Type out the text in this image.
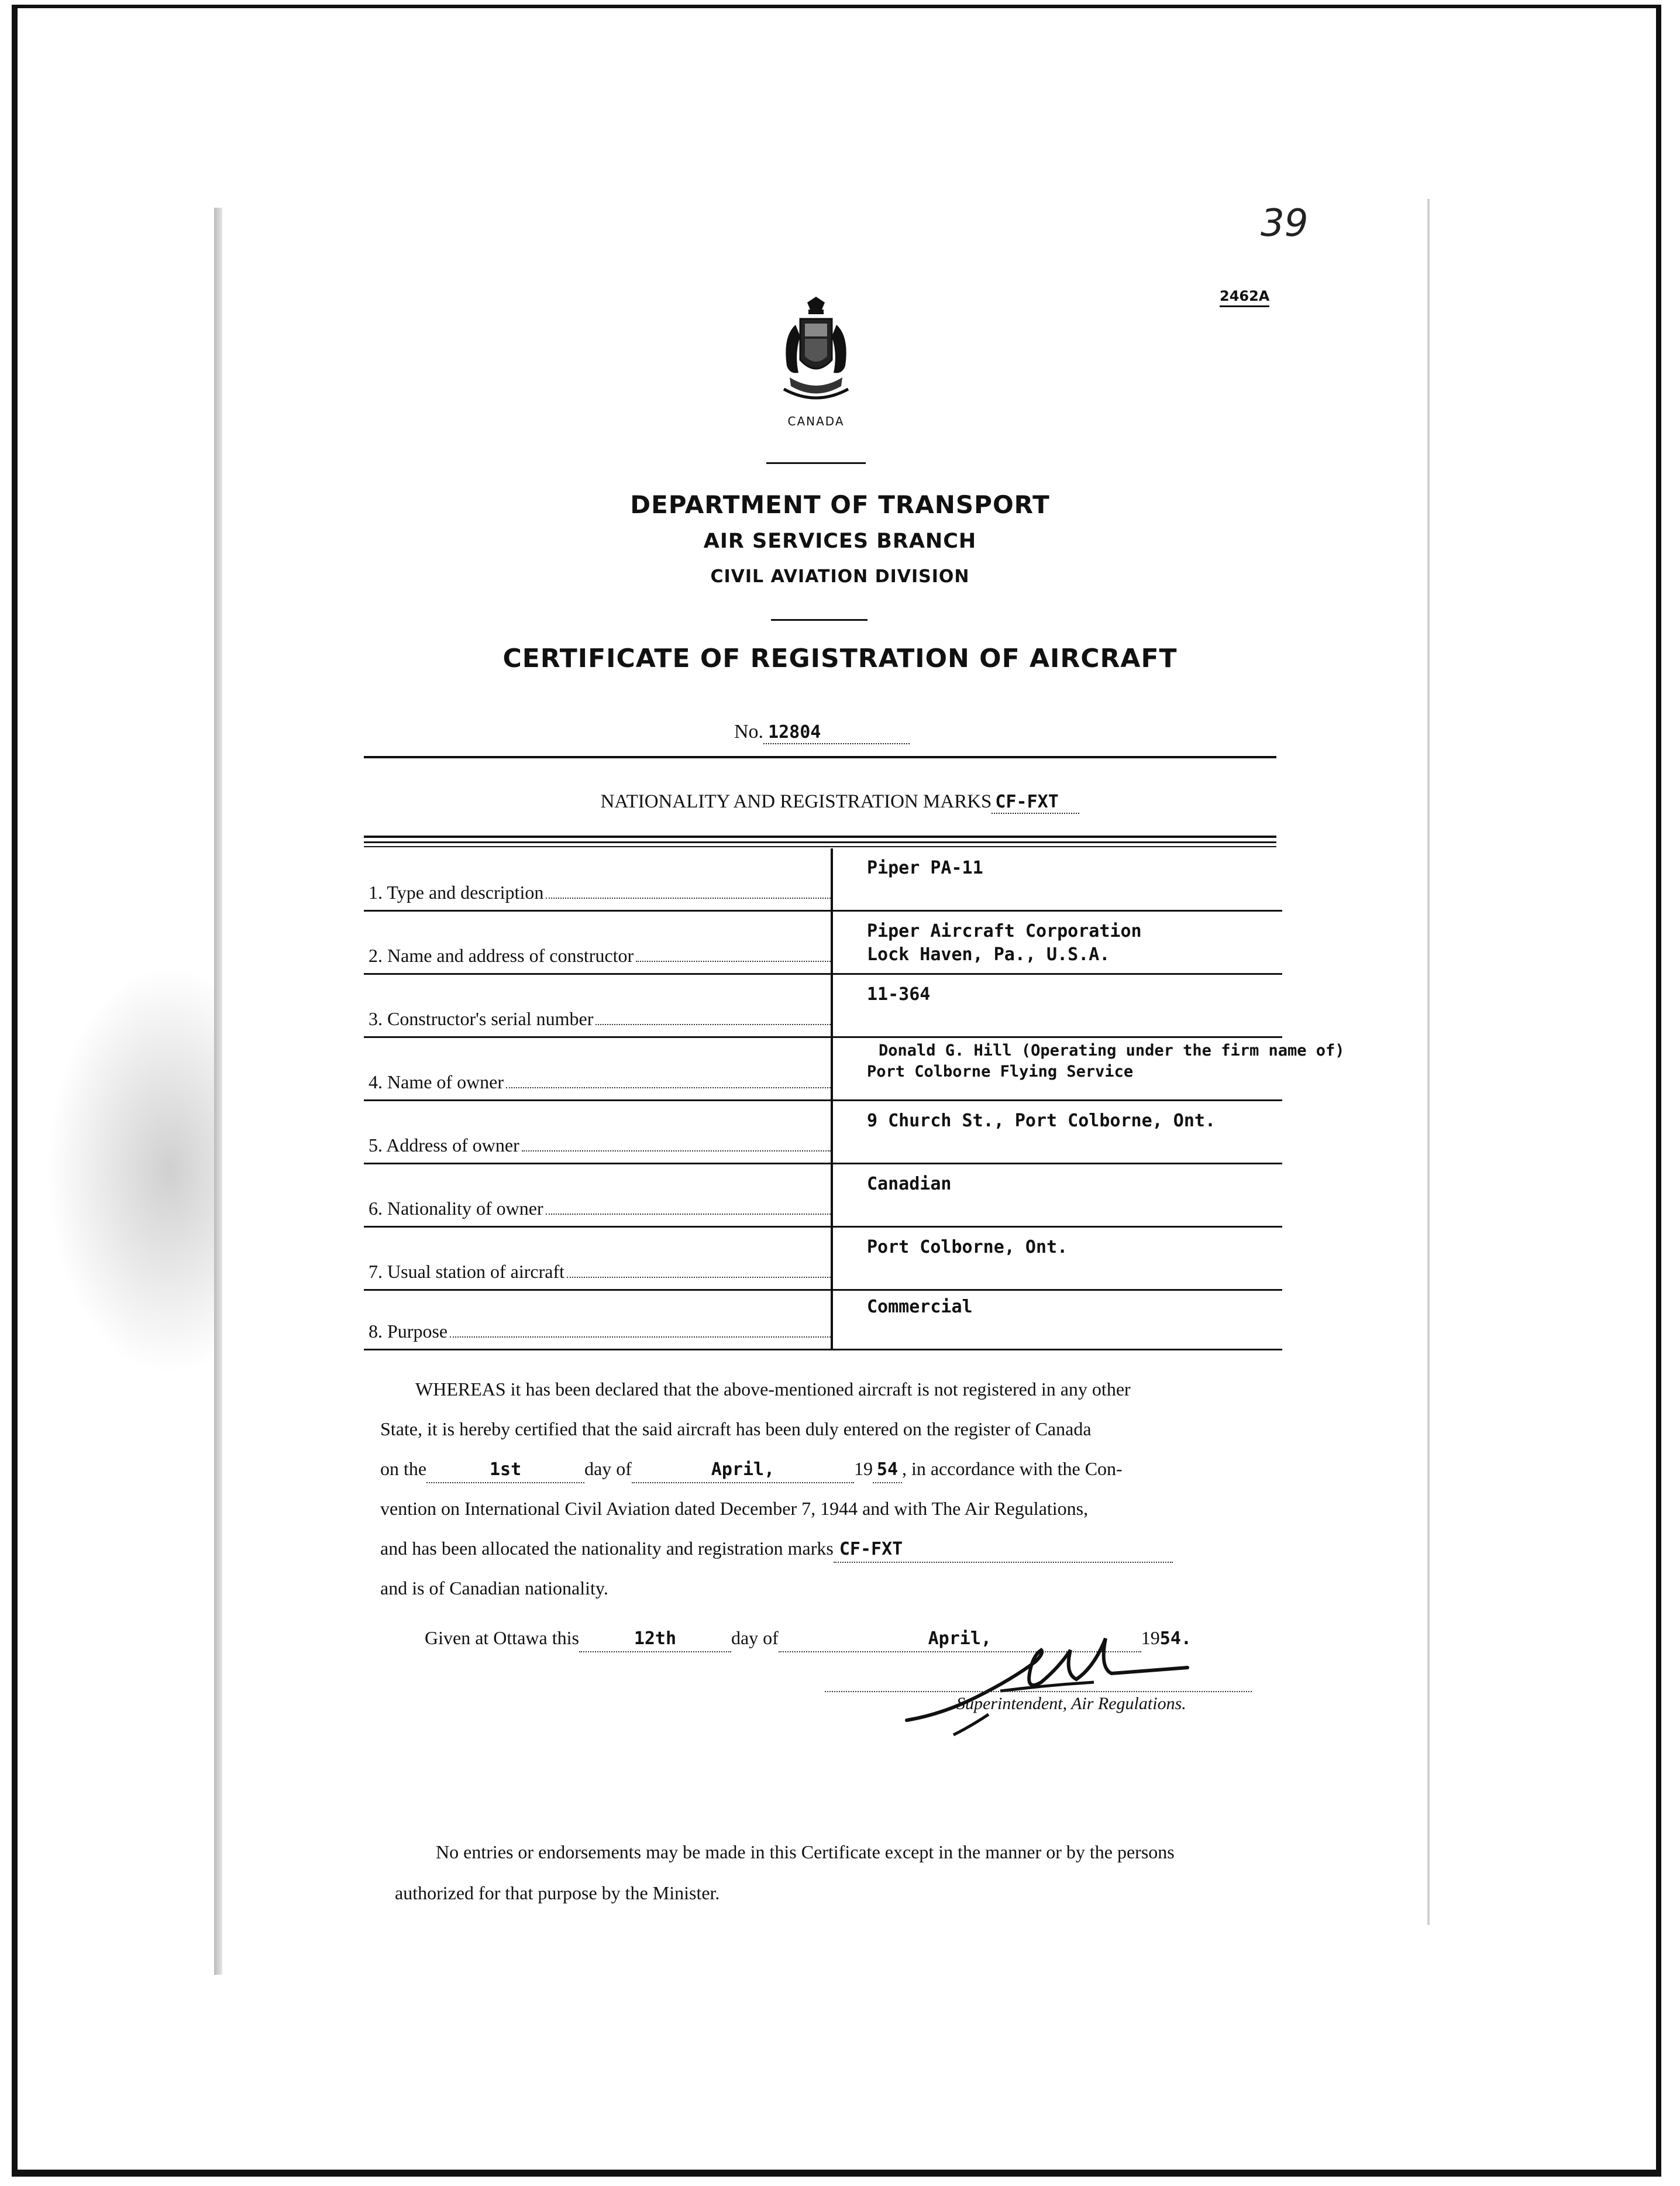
39
2462A
CANADA
DEPARTMENT OF TRANSPORT
AIR SERVICES BRANCH
CIVIL AVIATION DIVISION
CERTIFICATE OF REGISTRATION OF AIRCRAFT
No. 12804
NATIONALITY AND REGISTRATION MARKS CF-FXT
1. Type and description
Piper PA-11
2. Name and address of constructor
Piper Aircraft Corporation
Lock Haven, Pa., U.S.A.
3. Constructor's serial number
11-364
4. Name of owner
Donald G. Hill (Operating under the firm name of)
Port Colborne Flying Service
5. Address of owner
9 Church St., Port Colborne, Ont.
6. Nationality of owner
Canadian
7. Usual station of aircraft
Port Colborne, Ont.
8. Purpose
Commercial
WHEREAS it has been declared that the above-mentioned aircraft is not registered in any other
State, it is hereby certified that the said aircraft has been duly entered on the register of Canada
on the	1st	day of	April,	19 54 , in accordance with the Con-
vention on International Civil Aviation dated December 7, 1944 and with The Air Regulations,
and has been allocated the nationality and registration marks CF-FXT
and is of Canadian nationality.
Given at Ottawa this	12th	day of	April,	1954.
Superintendent, Air Regulations.
No entries or endorsements may be made in this Certificate except in the manner or by the persons
authorized for that purpose by the Minister.
